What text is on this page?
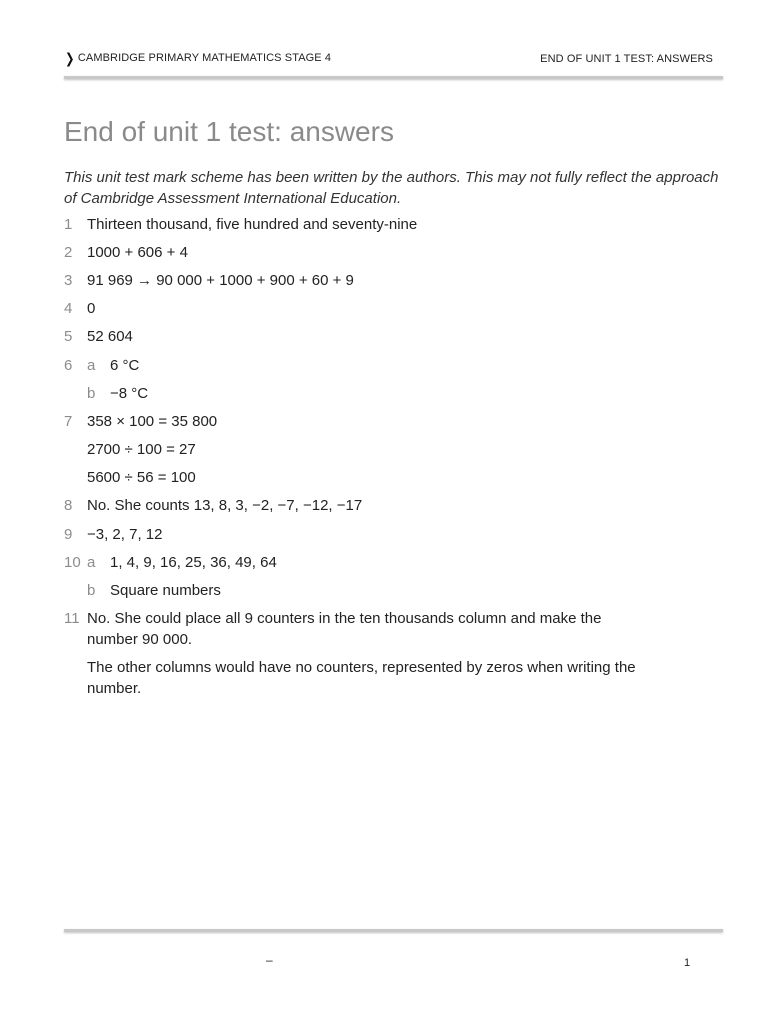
❯ CAMBRIDGE PRIMARY MATHEMATICS STAGE 4	END OF UNIT 1 TEST: ANSWERS
End of unit 1 test: answers
This unit test mark scheme has been written by the authors. This may not fully reflect the approach of Cambridge Assessment International Education.
1 Thirteen thousand, five hundred and seventy-nine
2 1000 + 606 + 4
3 91 969 → 90 000 + 1000 + 900 + 60 + 9
4 0
5 52 604
6 a 6 °C
b −8 °C
7 358 × 100 = 35 800
2700 ÷ 100 = 27
5600 ÷ 56 = 100
8 No. She counts 13, 8, 3, −2, −7, −12, −17
9 −3, 2, 7, 12
10 a 1, 4, 9, 16, 25, 36, 49, 64
b Square numbers
11 No. She could place all 9 counters in the ten thousands column and make the number 90 000.
The other columns would have no counters, represented by zeros when writing the number.
–	1
